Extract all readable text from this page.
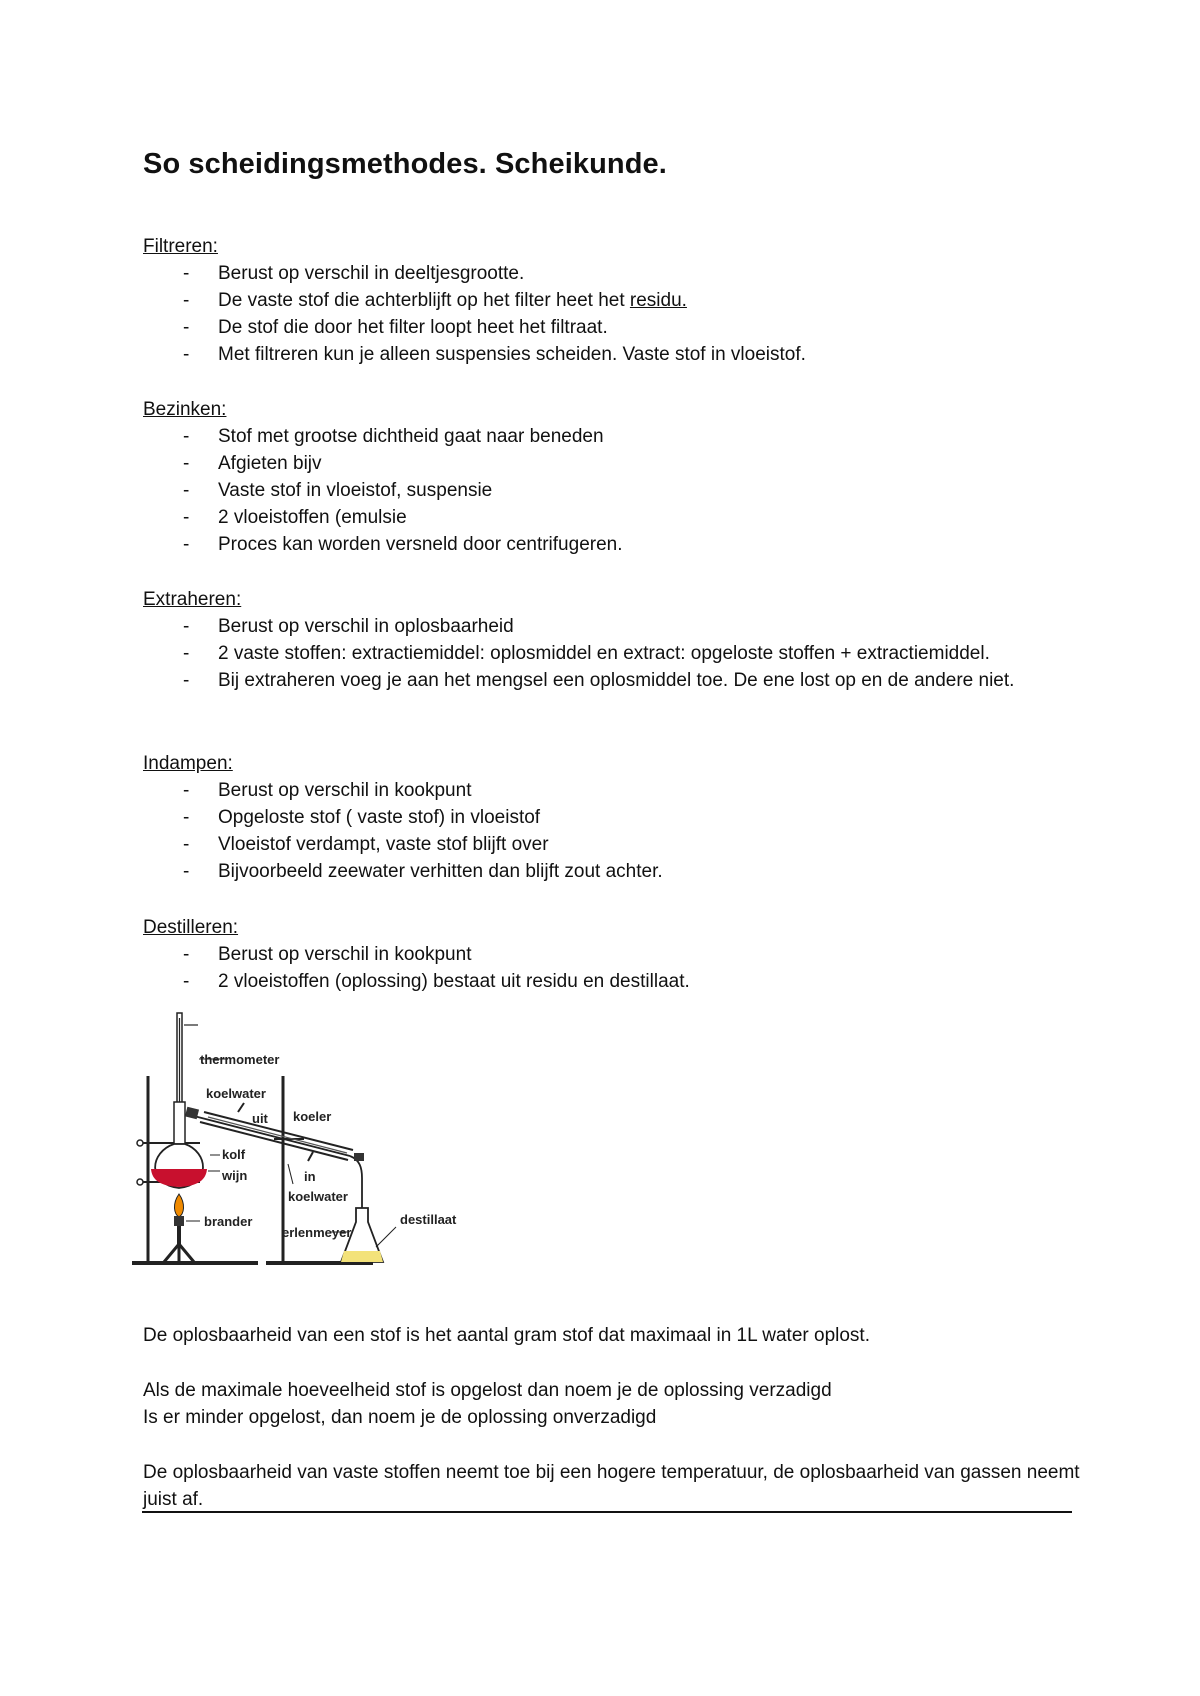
So scheidingsmethodes. Scheikunde.

Filtreren:

- Berust op verschil in deeltjesgrootte.
- De vaste stof die achterblijft op het filter heet het residu.
- De stof die door het filter loopt heet het filtraat.
- Met filtreren kun je alleen suspensies scheiden. Vaste stof in vloeistof.

Bezinken:

- Stof met grootse dichtheid gaat naar beneden
- Afgieten bijv
- Vaste stof in vloeistof, suspensie
- 2 vloeistoffen (emulsie
- Proces kan worden versneld door centrifugeren.

Extraheren:

- Berust op verschil in oplosbaarheid
- 2 vaste stoffen: extractiemiddel: oplosmiddel en extract: opgeloste stoffen + extractiemiddel.
- Bij extraheren voeg je aan het mengsel een oplosmiddel toe. De ene lost op en de andere niet.

Indampen:

- Berust op verschil in kookpunt
- Opgeloste stof ( vaste stof) in vloeistof
- Vloeistof verdampt, vaste stof blijft over
- Bijvoorbeeld zeewater verhitten dan blijft zout achter.

Destilleren:

- Berust op verschil in kookpunt
- 2 vloeistoffen (oplossing) bestaat uit residu en destillaat.
thermometer
koelwater
uit koeler
kolf
wijn	in
koelwater
brander
erlenmeyer
destillaat

De oplosbaarheid van een stof is het aantal gram stof dat maximaal in 1L water oplost.

Als de maximale hoeveelheid stof is opgelost dan noem je de oplossing verzadigd

Is er minder opgelost, dan noem je de oplossing onverzadigd

De oplosbaarheid van vaste stoffen neemt toe bij een hogere temperatuur, de oplosbaarheid van gassen neemt juist af.
